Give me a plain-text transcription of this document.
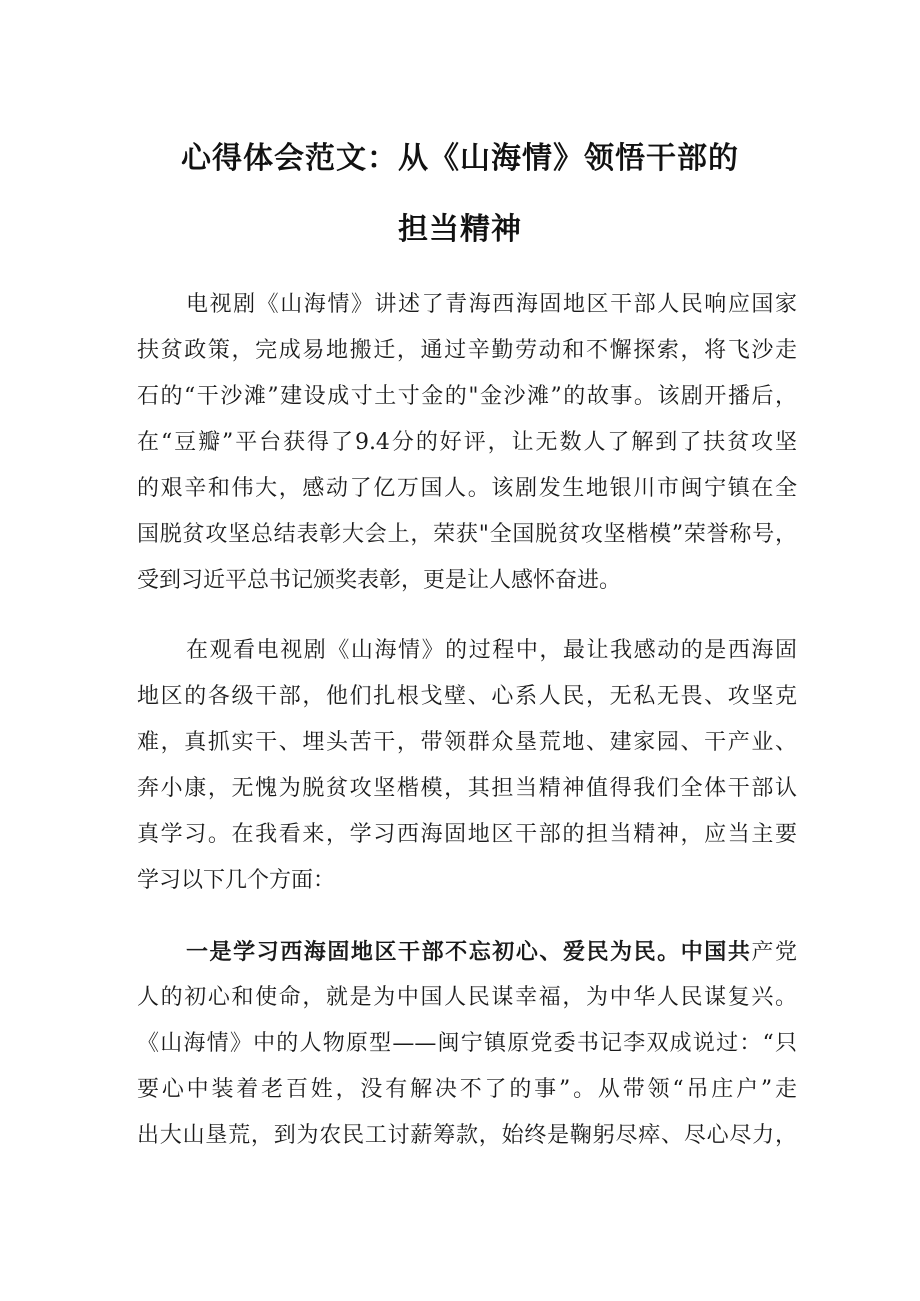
心得体会范文：从《山海情》领悟干部的
担当精神

电视剧《山海情》讲述了青海西海固地区干部人民响应国家
扶贫政策，完成易地搬迁，通过辛勤劳动和不懈探索，将飞沙走
石的“干沙滩”建设成寸土寸金的"金沙滩”的故事。该剧开播后，
在“豆瓣”平台获得了9.4分的好评，让无数人了解到了扶贫攻坚
的艰辛和伟大，感动了亿万国人。该剧发生地银川市闽宁镇在全
国脱贫攻坚总结表彰大会上，荣获"全国脱贫攻坚楷模”荣誉称号，
受到习近平总书记颁奖表彰，更是让人感怀奋进。

在观看电视剧《山海情》的过程中，最让我感动的是西海固
地区的各级干部，他们扎根戈壁、心系人民，无私无畏、攻坚克
难，真抓实干、埋头苦干，带领群众垦荒地、建家园、干产业、
奔小康，无愧为脱贫攻坚楷模，其担当精神值得我们全体干部认
真学习。在我看来，学习西海固地区干部的担当精神，应当主要
学习以下几个方面：

一是学习西海固地区干部不忘初心、爱民为民。中国共产党
人的初心和使命，就是为中国人民谋幸福，为中华人民谋复兴。
《山海情》中的人物原型——闽宁镇原党委书记李双成说过：“只
要心中装着老百姓，没有解决不了的事”。从带领“吊庄户”走
出大山垦荒，到为农民工讨薪筹款，始终是鞠躬尽瘁、尽心尽力，
